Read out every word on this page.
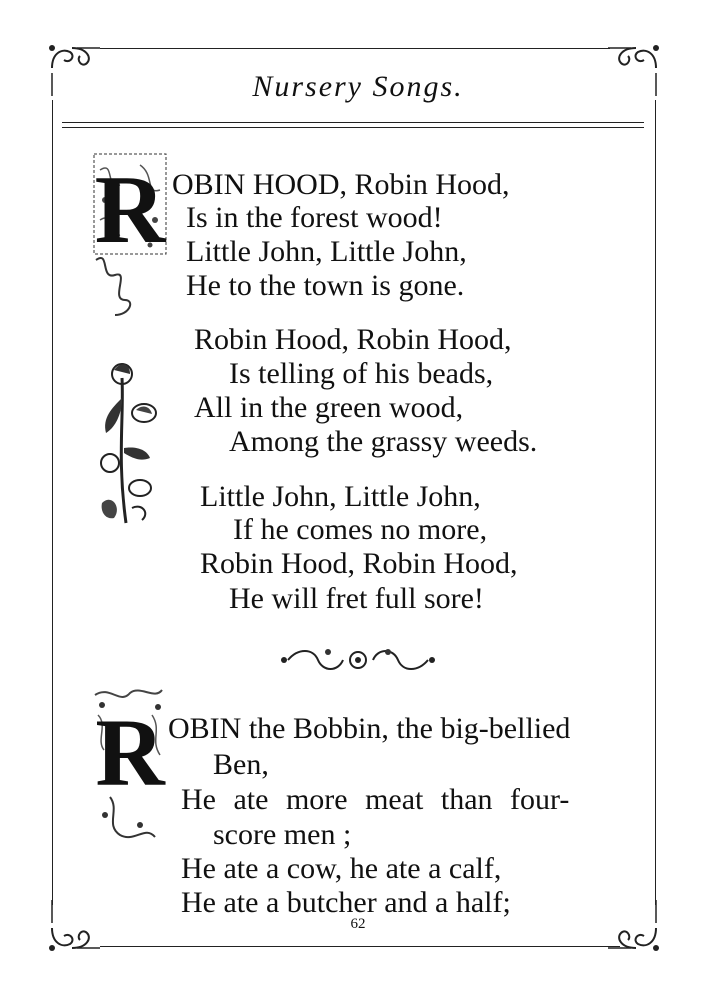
Nursery Songs.
R OBIN HOOD, Robin Hood,
Is in the forest wood!
Little John, Little John,
He to the town is gone.
Robin Hood, Robin Hood,
Is telling of his beads,
All in the green wood,
Among the grassy weeds.
Little John, Little John,
If he comes no more,
Robin Hood, Robin Hood,
He will fret full sore!
R OBIN the Bobbin, the big-bellied
Ben,
He ate more meat than four-
score men ;
He ate a cow, he ate a calf,
He ate a butcher and a half;
62
